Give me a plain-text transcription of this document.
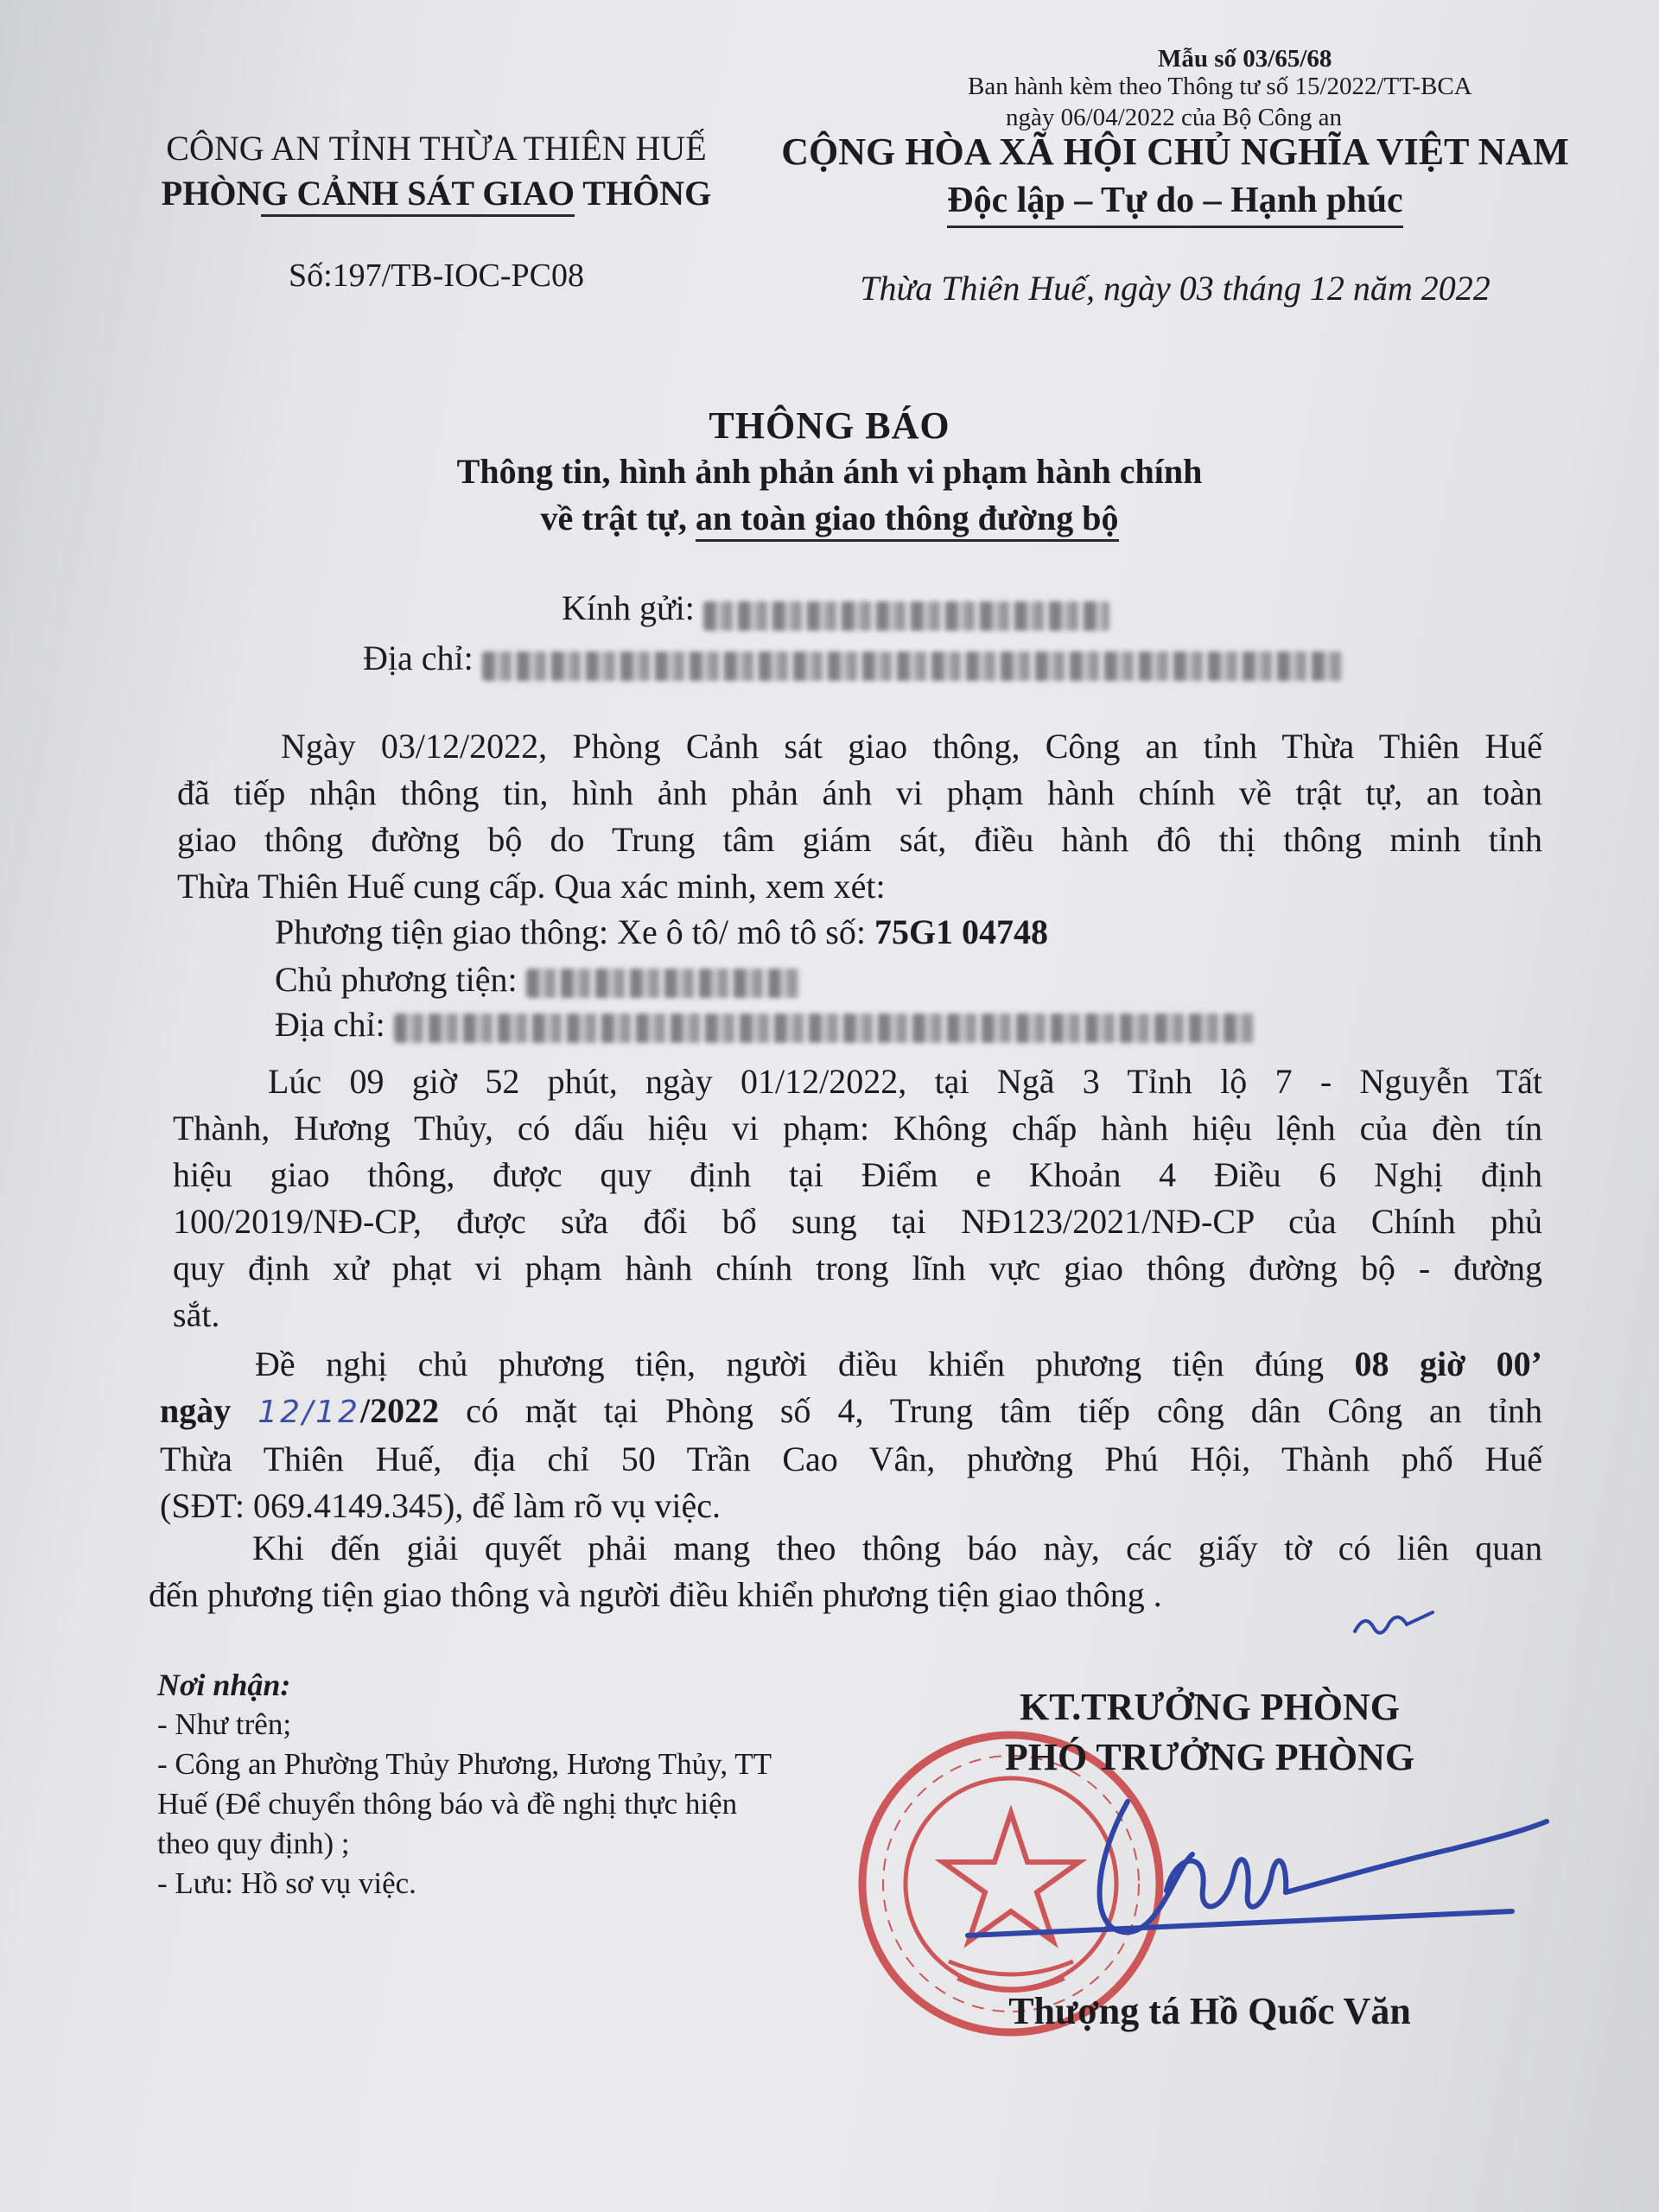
Mẫu số 03/65/68
Ban hành kèm theo Thông tư số 15/2022/TT-BCA
ngày 06/04/2022 của Bộ Công an
CÔNG AN TỈNH THỪA THIÊN HUẾ
PHÒNG CẢNH SÁT GIAO THÔNG
Số:197/TB-IOC-PC08
CỘNG HÒA XÃ HỘI CHỦ NGHĨA VIỆT NAM
Độc lập – Tự do – Hạnh phúc
Thừa Thiên Huế, ngày 03 tháng 12 năm 2022
THÔNG BÁO
Thông tin, hình ảnh phản ánh vi phạm hành chính
về trật tự, an toàn giao thông đường bộ
Kính gửi:
Địa chỉ:
Ngày 03/12/2022, Phòng Cảnh sát giao thông, Công an tỉnh Thừa Thiên Huế
đã tiếp nhận thông tin, hình ảnh phản ánh vi phạm hành chính về trật tự, an toàn
giao thông đường bộ do Trung tâm giám sát, điều hành đô thị thông minh tỉnh
Thừa Thiên Huế cung cấp. Qua xác minh, xem xét:
Phương tiện giao thông: Xe ô tô/ mô tô số: 75G1 04748
Chủ phương tiện:
Địa chỉ:
Lúc 09 giờ 52 phút, ngày 01/12/2022, tại Ngã 3 Tỉnh lộ 7 - Nguyễn Tất
Thành, Hương Thủy, có dấu hiệu vi phạm: Không chấp hành hiệu lệnh của đèn tín
hiệu giao thông, được quy định tại Điểm e Khoản 4 Điều 6 Nghị định
100/2019/NĐ-CP, được sửa đổi bổ sung tại NĐ123/2021/NĐ-CP của Chính phủ
quy định xử phạt vi phạm hành chính trong lĩnh vực giao thông đường bộ - đường
sắt.
Đề nghị chủ phương tiện, người điều khiển phương tiện đúng 08 giờ 00’
ngày 12/12/2022 có mặt tại Phòng số 4, Trung tâm tiếp công dân Công an tỉnh
Thừa Thiên Huế, địa chỉ 50 Trần Cao Vân, phường Phú Hội, Thành phố Huế
(SĐT: 069.4149.345), để làm rõ vụ việc.
Khi đến giải quyết phải mang theo thông báo này, các giấy tờ có liên quan
đến phương tiện giao thông và người điều khiển phương tiện giao thông .
Nơi nhận:
- Như trên;
- Công an Phường Thủy Phương, Hương Thủy, TT Huế (Để chuyển thông báo và đề nghị thực hiện theo quy định) ;
- Lưu: Hồ sơ vụ việc.
KT.TRƯỞNG PHÒNG
PHÓ TRƯỞNG PHÒNG
Thượng tá Hồ Quốc Văn
